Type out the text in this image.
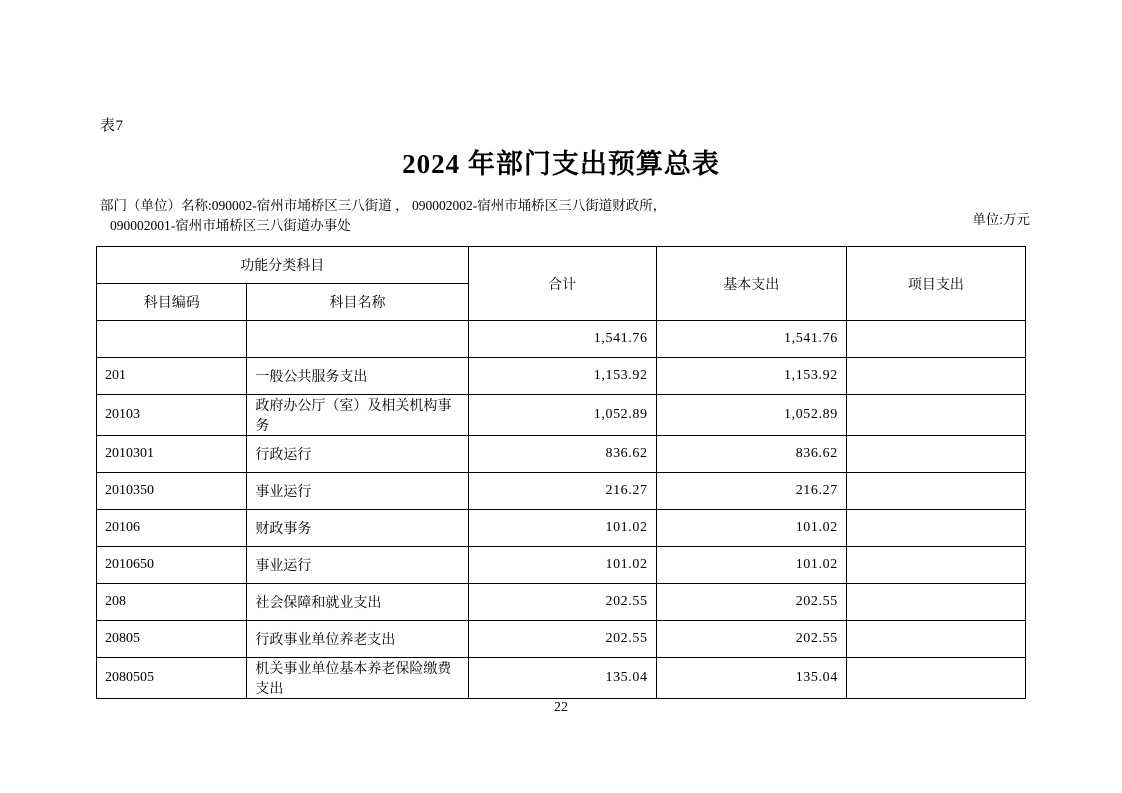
表7
2024 年部门支出预算总表
部门（单位）名称:090002-宿州市埇桥区三八街道 ， 090002002-宿州市埇桥区三八街道财政所，
090002001-宿州市埇桥区三八街道办事处	单位:万元
功能分类科目		合计	基本支出	项目支出
科目编码	科目名称			
		1,541.76	1,541.76	
201	一般公共服务支出	1,153.92	1,153.92	
20103	政府办公厅（室）及相关机构事务	1,052.89	1,052.89	
2010301	行政运行	836.62	836.62	
2010350	事业运行	216.27	216.27	
20106	财政事务	101.02	101.02	
2010650	事业运行	101.02	101.02	
208	社会保障和就业支出	202.55	202.55	
20805	行政事业单位养老支出	202.55	202.55	
2080505	机关事业单位基本养老保险缴费支出	135.04	135.04	
22
